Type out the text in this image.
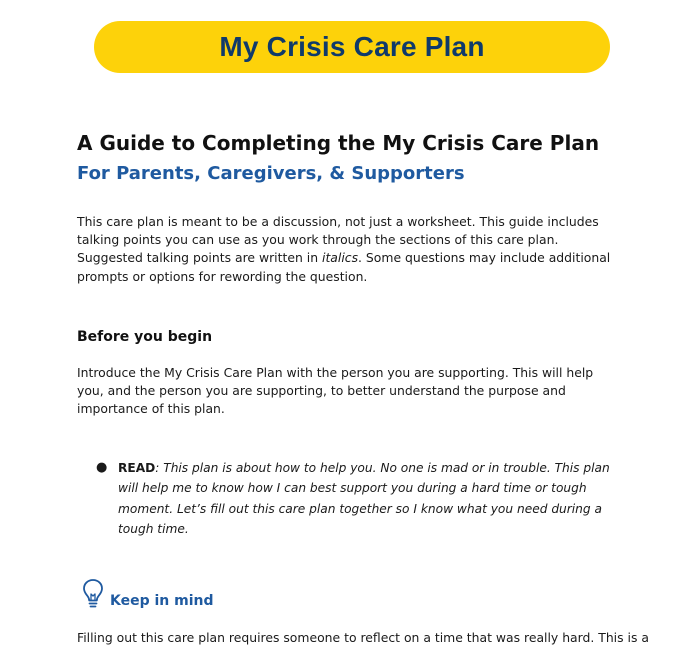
My Crisis Care Plan
A Guide to Completing the My Crisis Care Plan
For Parents, Caregivers, & Supporters

This care plan is meant to be a discussion, not just a worksheet. This guide includes talking points you can use as you work through the sections of this care plan. Suggested talking points are written in italics. Some questions may include additional prompts or options for rewording the question.

Before you begin

Introduce the My Crisis Care Plan with the person you are supporting. This will help you, and the person you are supporting, to better understand the purpose and importance of this plan.

● READ: This plan is about how to help you. No one is mad or in trouble. This plan will help me to know how I can best support you during a hard time or tough moment. Let’s fill out this care plan together so I know what you need during a tough time.
Keep in mind

Filling out this care plan requires someone to reflect on a time that was really hard. This is a
